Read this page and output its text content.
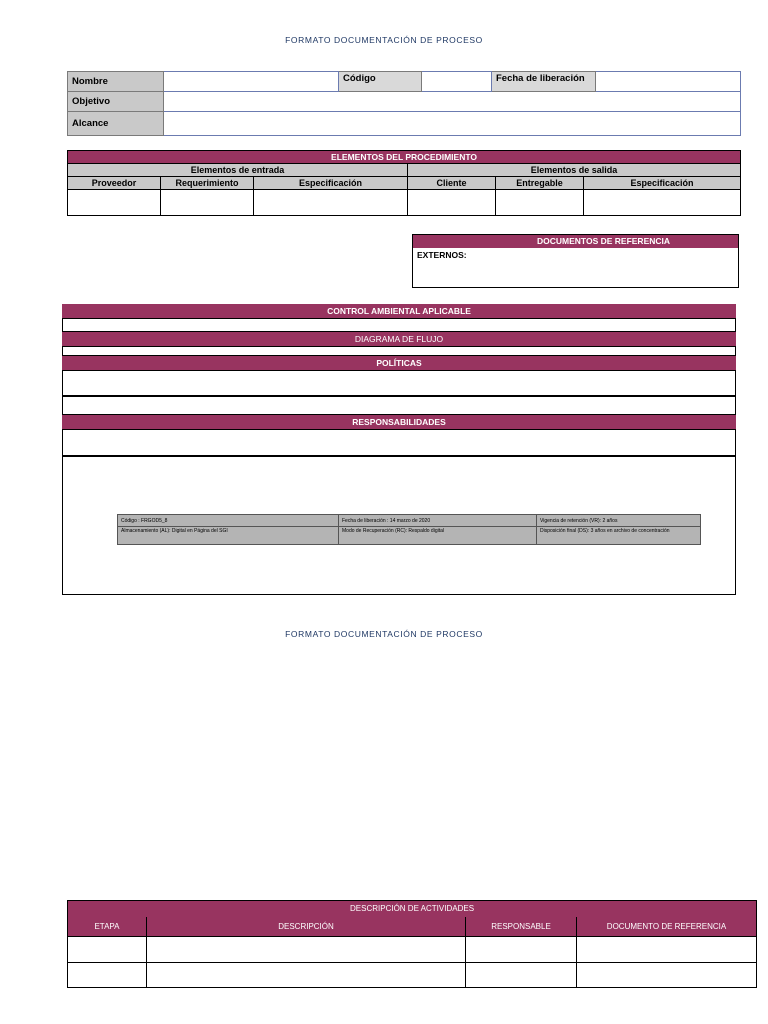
FORMATO DOCUMENTACIÓN DE PROCESO
Nombre		Código		Fecha de liberación	
Objetivo					
Alcance					
ELEMENTOS DEL PROCEDIMIENTO					
Elementos de entrada			Elementos de salida		
Proveedor	Requerimiento	Especificación	Cliente	Entregable	Especificación

DOCUMENTOS DE REFERENCIA
EXTERNOS:
CONTROL AMBIENTAL APLICABLE
DIAGRAMA DE FLUJO
POLÍTICAS
RESPONSABILIDADES
Código : FRGOD5_8	Fecha de liberación : 14 marzo de 2020	Vigencia de retención (VR): 2 años
Almacenamiento (AL): Digital en Página del SGI	Modo de Recuperación (RC): Respaldo digital	Disposición final (DS): 3 años en archivo de concentración
FORMATO DOCUMENTACIÓN DE PROCESO
DESCRIPCIÓN DE ACTIVIDADES			
ETAPA	DESCRIPCIÓN	RESPONSABLE	DOCUMENTO DE REFERENCIA
